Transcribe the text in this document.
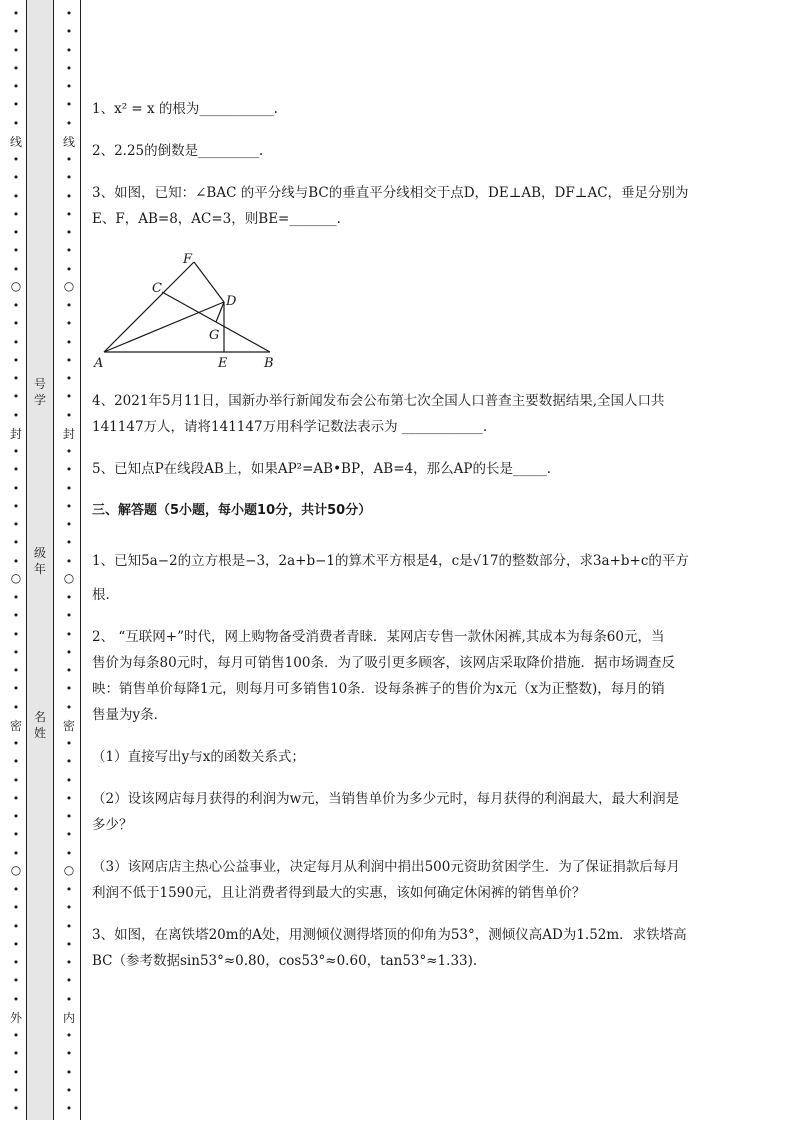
•
•
•
•
•
•
•
•
•
•
•
•
•
•
•
•
•
•
•
•
•
•
•
•
•
•
•
•
•
•
•
•
•
•
•
•
•
•
•
•
•
•
•
•
•
•
•
•
•
•
•
•
•
•
线
○
封
○
密
○
外
号
学
级
年
名
姓
•
•
•
•
•
•
•
•
•
•
•
•
•
•
•
•
•
•
•
•
•
•
•
•
•
•
•
•
•
•
•
•
•
•
•
•
•
•
•
•
•
•
•
•
•
•
•
•
•
•
•
•
•
•
线
○
封
○
密
○
内
1、x² = x 的根为___________.
2、2.25的倒数是_________.
3、如图，已知：∠BAC 的平分线与BC的垂直平分线相交于点D，DE⊥AB，DF⊥AC，垂足分别为
E、F，AB=8，AC=3，则BE=_______.
F
C
D
G
A	E	B
4、2021年5月11日，国新办举行新闻发布会公布第七次全国人口普查主要数据结果,全国人口共
141147万人，请将141147万用科学记数法表示为 ____________.
5、已知点P在线段AB上，如果AP²=AB•BP，AB=4，那么AP的长是_____.
三、解答题（5小题，每小题10分，共计50分）
1、已知5a−2的立方根是−3，2a+b−1的算术平方根是4，c是√17的整数部分，求3a+b+c的平方
根.
2、 “互联网+”时代，网上购物备受消费者青睐．某网店专售一款休闲裤,其成本为每条60元，当
售价为每条80元时，每月可销售100条．为了吸引更多顾客，该网店采取降价措施．据市场调查反
映：销售单价每降1元，则每月可多销售10条．设每条裤子的售价为x元（x为正整数)，每月的销
售量为y条．
（1）直接写出y与x的函数关系式；
（2）设该网店每月获得的利润为w元，当销售单价为多少元时，每月获得的利润最大，最大利润是
多少？
（3）该网店店主热心公益事业，决定每月从利润中捐出500元资助贫困学生．为了保证捐款后每月
利润不低于1590元，且让消费者得到最大的实惠，该如何确定休闲裤的销售单价？
3、如图，在离铁塔20m的A处，用测倾仪测得塔顶的仰角为53°，测倾仪高AD为1.52m．求铁塔高
BC（参考数据sin53°≈0.80，cos53°≈0.60，tan53°≈1.33).
